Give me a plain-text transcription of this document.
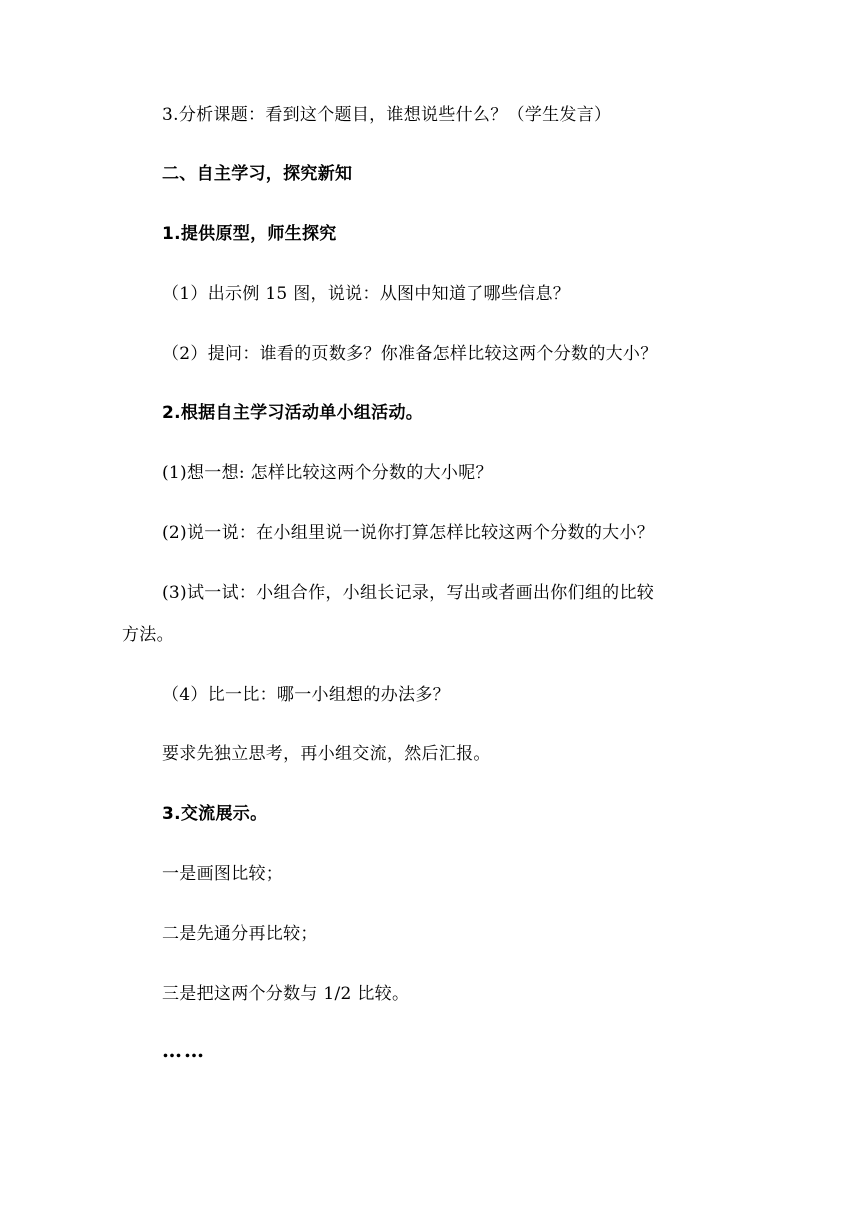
3.分析课题：看到这个题目，谁想说些什么？（学生发言）
二、自主学习，探究新知
1.提供原型，师生探究
（1）出示例 15 图，说说：从图中知道了哪些信息？
（2）提问：谁看的页数多？你准备怎样比较这两个分数的大小？
2.根据自主学习活动单小组活动。
(1)想一想: 怎样比较这两个分数的大小呢？
(2)说一说：在小组里说一说你打算怎样比较这两个分数的大小？
(3)试一试：小组合作，小组长记录，写出或者画出你们组的比较
方法。
（4）比一比：哪一小组想的办法多？
要求先独立思考，再小组交流，然后汇报。
3.交流展示。
一是画图比较；
二是先通分再比较；
三是把这两个分数与 1/2 比较。
……
